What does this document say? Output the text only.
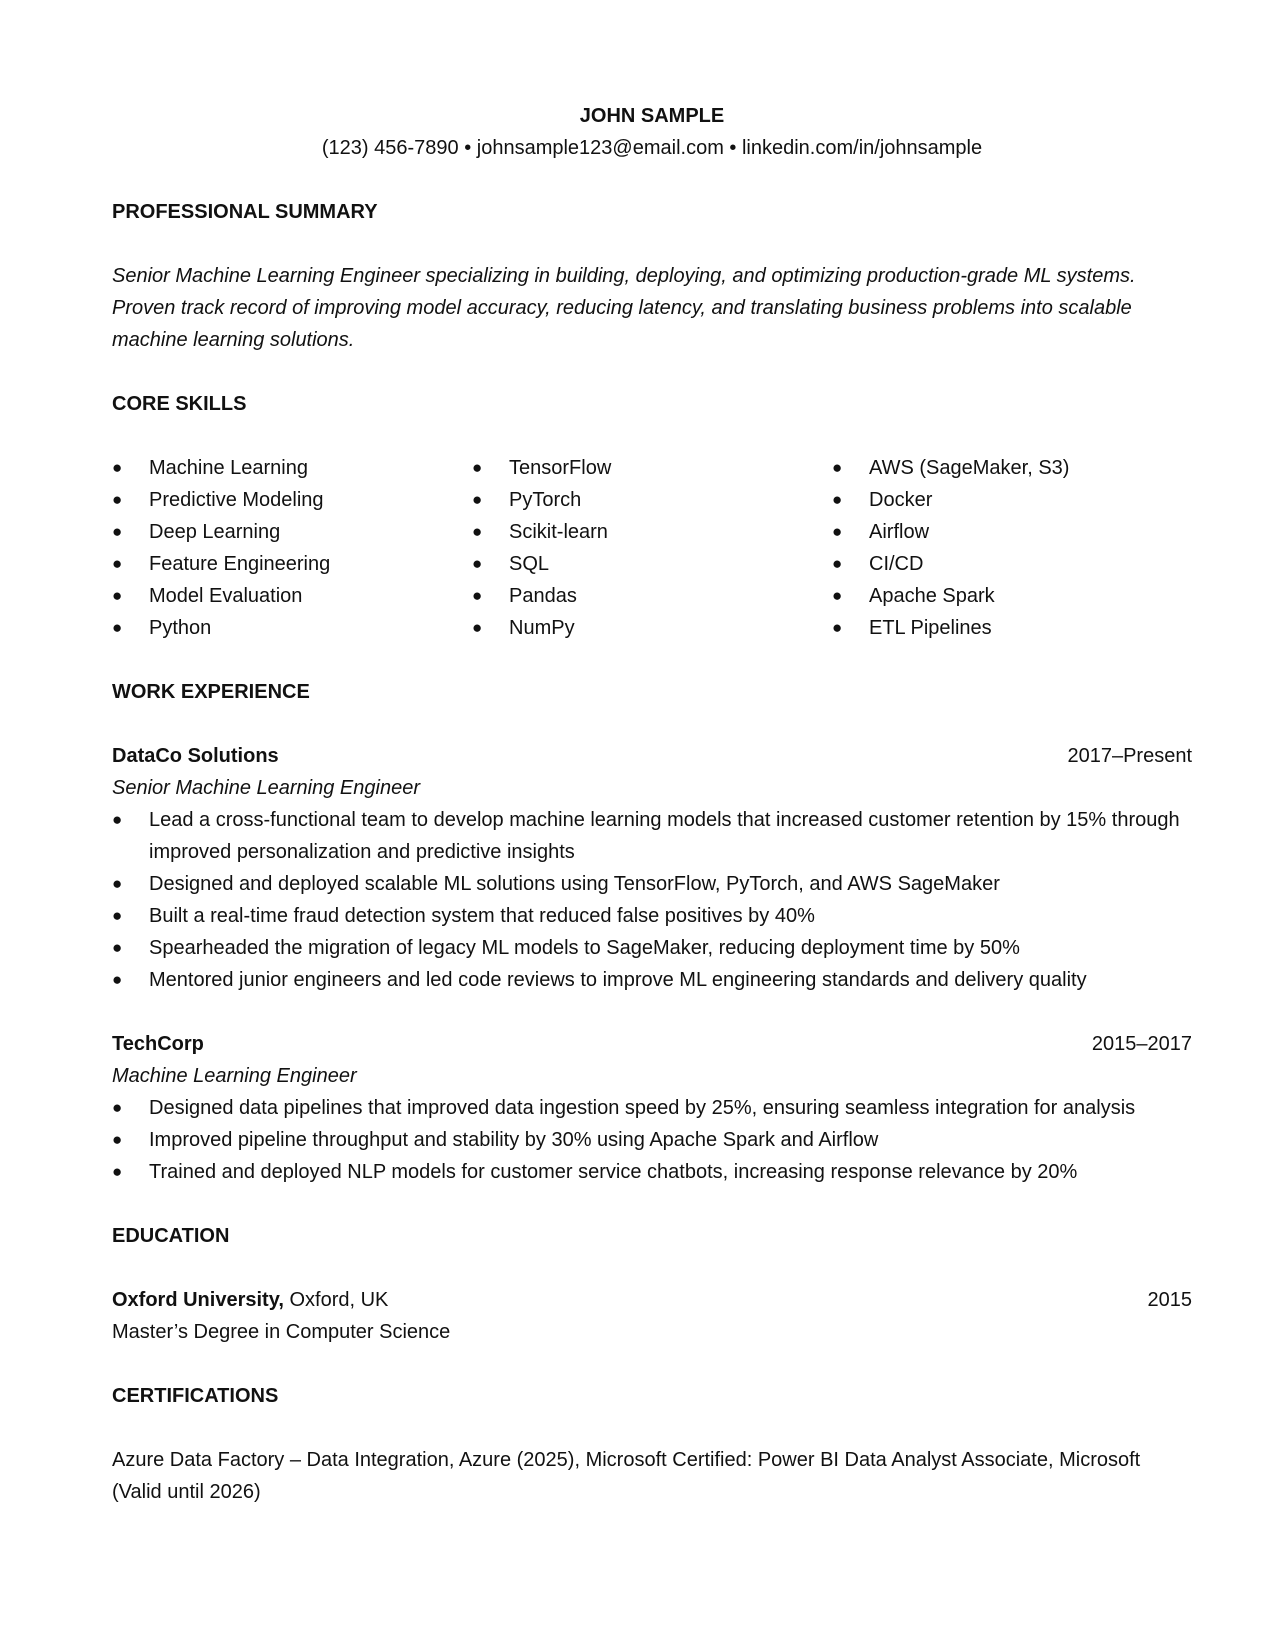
JOHN SAMPLE
(123) 456-7890 • johnsample123@email.com • linkedin.com/in/johnsample
PROFESSIONAL SUMMARY

Senior Machine Learning Engineer specializing in building, deploying, and optimizing production-grade ML systems. Proven track record of improving model accuracy, reducing latency, and translating business problems into scalable machine learning solutions.

CORE SKILLS
●	Machine Learning
●	Predictive Modeling
●	Deep Learning
●	Feature Engineering
●	Model Evaluation
●	Python
●	TensorFlow
●	PyTorch
●	Scikit-learn
●	SQL
●	Pandas
●	NumPy
●	AWS (SageMaker, S3)
●	Docker
●	Airflow
●	CI/CD
●	Apache Spark
●	ETL Pipelines
WORK EXPERIENCE
DataCo Solutions	2017–Present
Senior Machine Learning Engineer
●	Lead a cross-functional team to develop machine learning models that increased customer retention by 15% through improved personalization and predictive insights
●	Designed and deployed scalable ML solutions using TensorFlow, PyTorch, and AWS SageMaker
●	Built a real-time fraud detection system that reduced false positives by 40%
●	Spearheaded the migration of legacy ML models to SageMaker, reducing deployment time by 50%
●	Mentored junior engineers and led code reviews to improve ML engineering standards and delivery quality
TechCorp	2015–2017
Machine Learning Engineer
●	Designed data pipelines that improved data ingestion speed by 25%, ensuring seamless integration for analysis
●	Improved pipeline throughput and stability by 30% using Apache Spark and Airflow
●	Trained and deployed NLP models for customer service chatbots, increasing response relevance by 20%
EDUCATION
Oxford University, Oxford, UK	2015
Master’s Degree in Computer Science
CERTIFICATIONS

Azure Data Factory – Data Integration, Azure (2025), Microsoft Certified: Power BI Data Analyst Associate, Microsoft (Valid until 2026)
